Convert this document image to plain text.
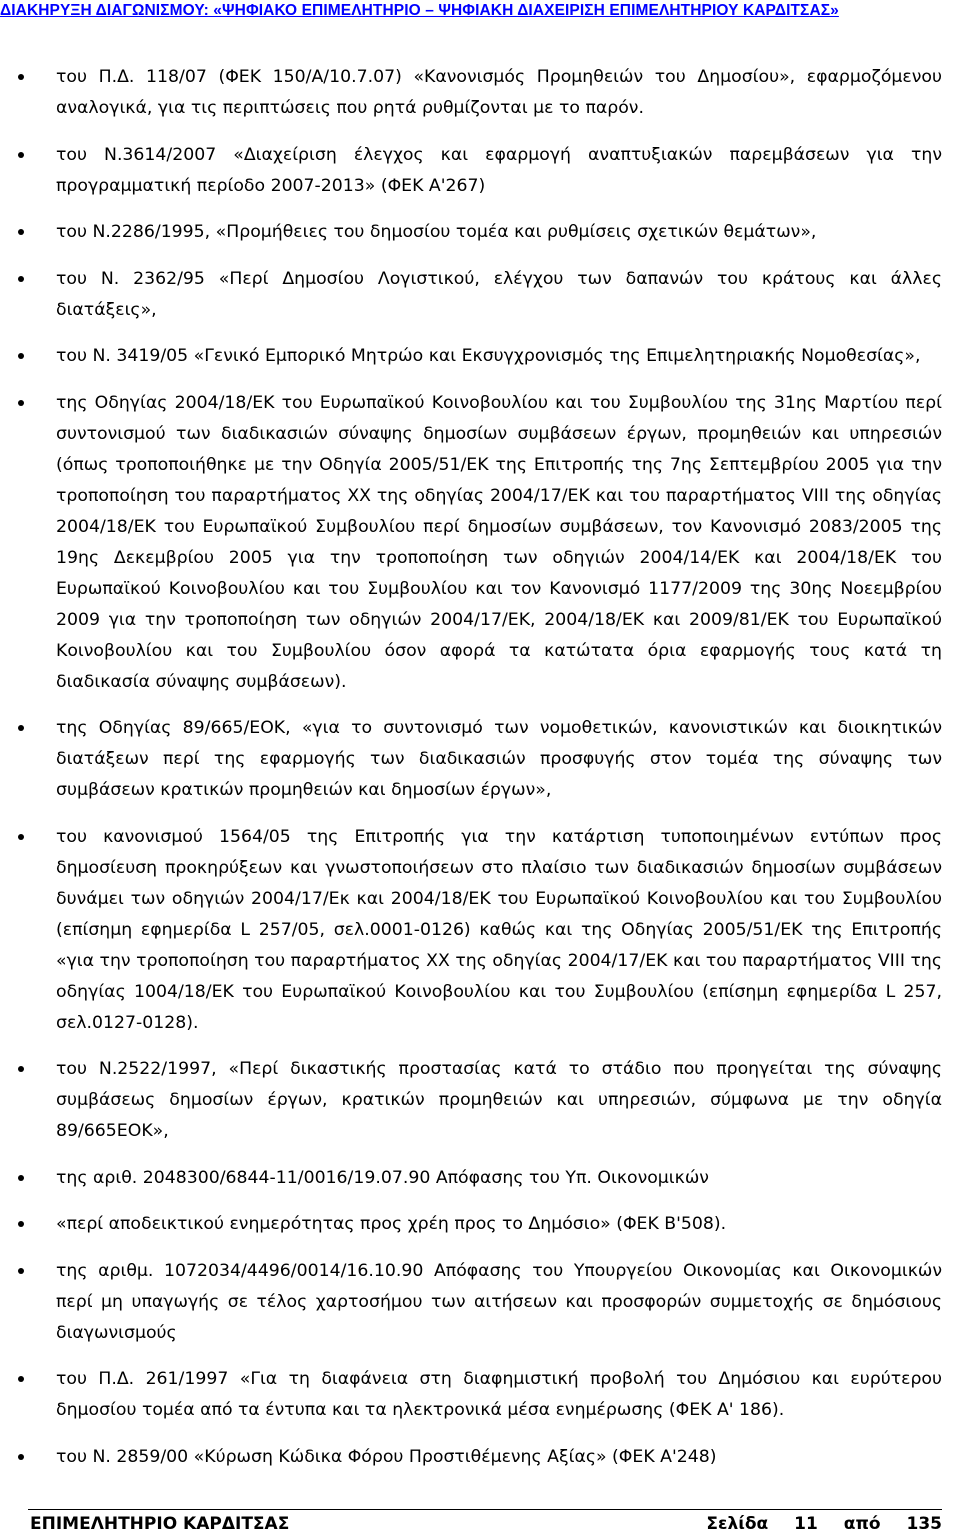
ΔΙΑΚΗΡΥΞΗ ΔΙΑΓΩΝΙΣΜΟΥ: «ΨΗΦΙΑΚΟ ΕΠΙΜΕΛΗΤΗΡΙΟ – ΨΗΦΙΑΚΗ ΔΙΑΧΕΙΡΙΣΗ ΕΠΙΜΕΛΗΤΗΡΙΟΥ ΚΑΡΔΙΤΣΑΣ»
του Π.Δ. 118/07 (ΦΕΚ 150/Α/10.7.07) «Κανονισμός Προμηθειών του Δημοσίου», εφαρμοζόμενου αναλογικά, για τις περιπτώσεις που ρητά ρυθμίζονται με το παρόν.
του Ν.3614/2007 «Διαχείριση έλεγχος και εφαρμογή αναπτυξιακών παρεμβάσεων για την προγραμματική περίοδο 2007-2013» (ΦΕΚ Α'267)
του Ν.2286/1995, «Προμήθειες του δημοσίου τομέα και ρυθμίσεις σχετικών θεμάτων»,
του Ν. 2362/95 «Περί Δημοσίου Λογιστικού, ελέγχου των δαπανών του κράτους και άλλες διατάξεις»,
του Ν. 3419/05 «Γενικό Εμπορικό Μητρώο και Εκσυγχρονισμός της Επιμελητηριακής Νομοθεσίας»,
της Οδηγίας 2004/18/ΕΚ του Ευρωπαϊκού Κοινοβουλίου και του Συμβουλίου της 31ης Μαρτίου περί συντονισμού των διαδικασιών σύναψης δημοσίων συμβάσεων έργων, προμηθειών και υπηρεσιών (όπως τροποποιήθηκε με την Οδηγία 2005/51/ΕΚ της Επιτροπής της 7ης Σεπτεμβρίου 2005 για την τροποποίηση του παραρτήματος ΧΧ της οδηγίας 2004/17/ΕΚ και του παραρτήματος VIII της οδηγίας 2004/18/ΕΚ του Ευρωπαϊκού Συμβουλίου περί δημοσίων συμβάσεων, τον Κανονισμό 2083/2005 της 19ης Δεκεμβρίου 2005 για την τροποποίηση των οδηγιών 2004/14/ΕΚ και 2004/18/ΕΚ του Ευρωπαϊκού Κοινοβουλίου και του Συμβουλίου και τον Κανονισμό 1177/2009 της 30ης Νοεεμβρίου 2009 για την τροποποίηση των οδηγιών 2004/17/ΕΚ, 2004/18/ΕΚ και 2009/81/ΕΚ του Ευρωπαϊκού Κοινοβουλίου και του Συμβουλίου όσον αφορά τα κατώτατα όρια εφαρμογής τους κατά τη διαδικασία σύναψης συμβάσεων).
της Οδηγίας 89/665/ΕΟΚ, «για το συντονισμό των νομοθετικών, κανονιστικών και διοικητικών διατάξεων περί της εφαρμογής των διαδικασιών προσφυγής στον τομέα της σύναψης των συμβάσεων κρατικών προμηθειών και δημοσίων έργων»,
του κανονισμού 1564/05 της Επιτροπής για την κατάρτιση τυποποιημένων εντύπων προς δημοσίευση προκηρύξεων και γνωστοποιήσεων στο πλαίσιο των διαδικασιών δημοσίων συμβάσεων δυνάμει των οδηγιών 2004/17/Εκ και 2004/18/ΕΚ του Ευρωπαϊκού Κοινοβουλίου και του Συμβουλίου (επίσημη εφημερίδα L 257/05, σελ.0001-0126) καθώς και της Οδηγίας 2005/51/ΕΚ της Επιτροπής «για την τροποποίηση του παραρτήματος ΧΧ της οδηγίας 2004/17/ΕΚ και του παραρτήματος VIII της οδηγίας 1004/18/ΕΚ του Ευρωπαϊκού Κοινοβουλίου και του Συμβουλίου (επίσημη εφημερίδα L 257, σελ.0127-0128).
του Ν.2522/1997, «Περί δικαστικής προστασίας κατά το στάδιο που προηγείται της σύναψης συμβάσεως δημοσίων έργων, κρατικών προμηθειών και υπηρεσιών, σύμφωνα με την οδηγία 89/665ΕΟΚ»,
της αριθ. 2048300/6844-11/0016/19.07.90 Απόφασης του Υπ. Οικονομικών
«περί αποδεικτικού ενημερότητας προς χρέη προς το Δημόσιο» (ΦΕΚ Β'508).
της αριθμ. 1072034/4496/0014/16.10.90 Απόφασης του Υπουργείου Οικονομίας και Οικονομικών περί μη υπαγωγής σε τέλος χαρτοσήμου των αιτήσεων και προσφορών συμμετοχής σε δημόσιους διαγωνισμούς
του Π.Δ. 261/1997 «Για τη διαφάνεια στη διαφημιστική προβολή του Δημόσιου και ευρύτερου δημοσίου τομέα από τα έντυπα και τα ηλεκτρονικά μέσα ενημέρωσης (ΦΕΚ Α' 186).
του Ν. 2859/00 «Κύρωση Κώδικα Φόρου Προστιθέμενης Αξίας» (ΦΕΚ Α'248)
ΕΠΙΜΕΛΗΤΗΡΙΟ ΚΑΡΔΙΤΣΑΣ	Σελίδα 11 από 135
